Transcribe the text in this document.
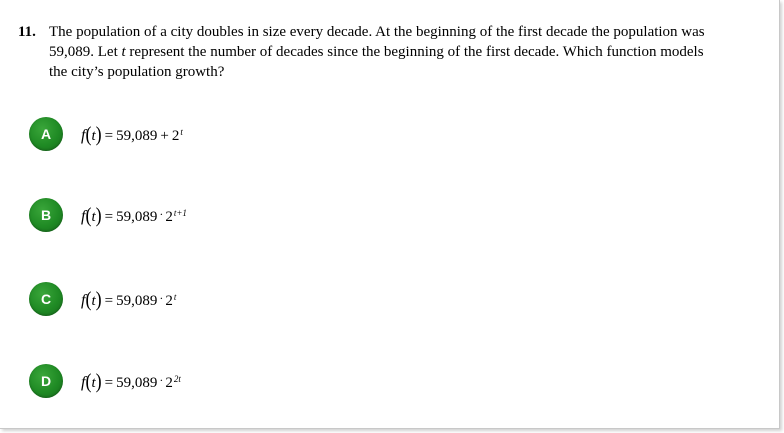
11. The population of a city doubles in size every decade. At the beginning of the first decade the population was 59,089. Let t represent the number of decades since the beginning of the first decade. Which function models the city’s population growth?
A	f ( t ) = $59,089 + 2^t$
B	f ( t ) = $59,089 \cdot 2^{t+1}$
C	f ( t ) = $59,089 \cdot 2^t$
D	f ( t ) = $59,089 \cdot 2^{2t}$
